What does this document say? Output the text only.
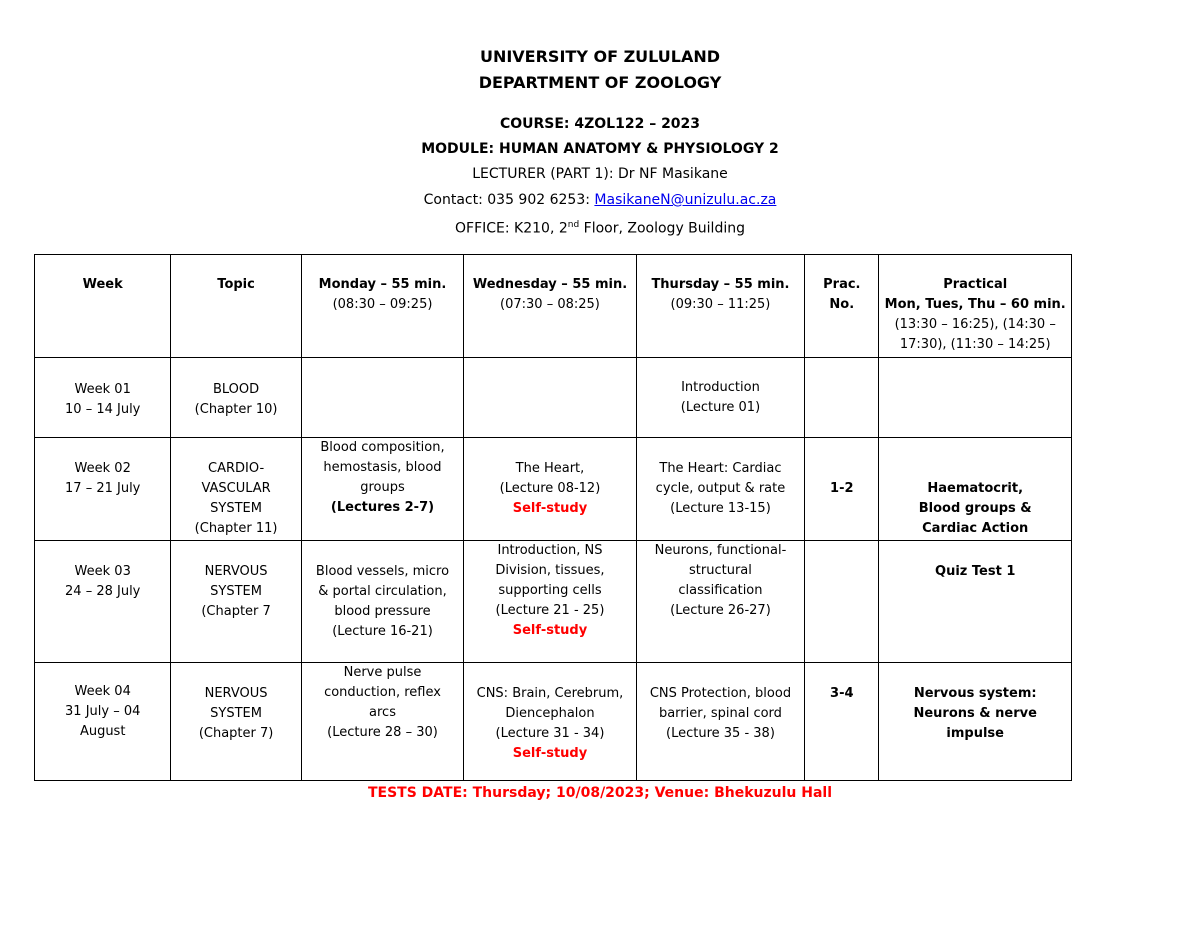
UNIVERSITY OF ZULULAND
DEPARTMENT OF ZOOLOGY
COURSE: 4ZOL122 – 2023
MODULE: HUMAN ANATOMY & PHYSIOLOGY 2
LECTURER (PART 1): Dr NF Masikane
Contact: 035 902 6253: MasikaneN@unizulu.ac.za
OFFICE: K210, 2nd Floor, Zoology Building
Week	Topic	Monday – 55 min.
(08:30 – 09:25)	Wednesday – 55 min.
(07:30 – 08:25)	Thursday – 55 min.
(09:30 – 11:25)	Prac.
No.	Practical
Mon, Tues, Thu – 60 min.
(13:30 – 16:25), (14:30 –
17:30), (11:30 – 14:25)

Week 01
10 – 14 July	BLOOD
(Chapter 10)			Introduction
(Lecture 01)		

Week 02
17 – 21 July	CARDIO-
VASCULAR
SYSTEM
(Chapter 11)	Blood composition,
hemostasis, blood
groups
(Lectures 2-7)	The Heart,
(Lecture 08-12)
Self-study	The Heart: Cardiac
cycle, output & rate
(Lecture 13-15)	1-2	Haematocrit,
Blood groups &
Cardiac Action

Week 03
24 – 28 July	NERVOUS
SYSTEM
(Chapter 7	Blood vessels, micro
& portal circulation,
blood pressure
(Lecture 16-21)	Introduction, NS
Division, tissues,
supporting cells
(Lecture 21 - 25)
Self-study	Neurons, functional-
structural
classification
(Lecture 26-27)		Quiz Test 1

Week 04
31 July – 04
August	NERVOUS
SYSTEM
(Chapter 7)	Nerve pulse
conduction, reflex
arcs
(Lecture 28 – 30)	CNS: Brain, Cerebrum,
Diencephalon
(Lecture 31 - 34)
Self-study	CNS Protection, blood
barrier, spinal cord
(Lecture 35 - 38)	3-4	Nervous system:
Neurons & nerve
impulse
TESTS DATE: Thursday; 10/08/2023; Venue: Bhekuzulu Hall
